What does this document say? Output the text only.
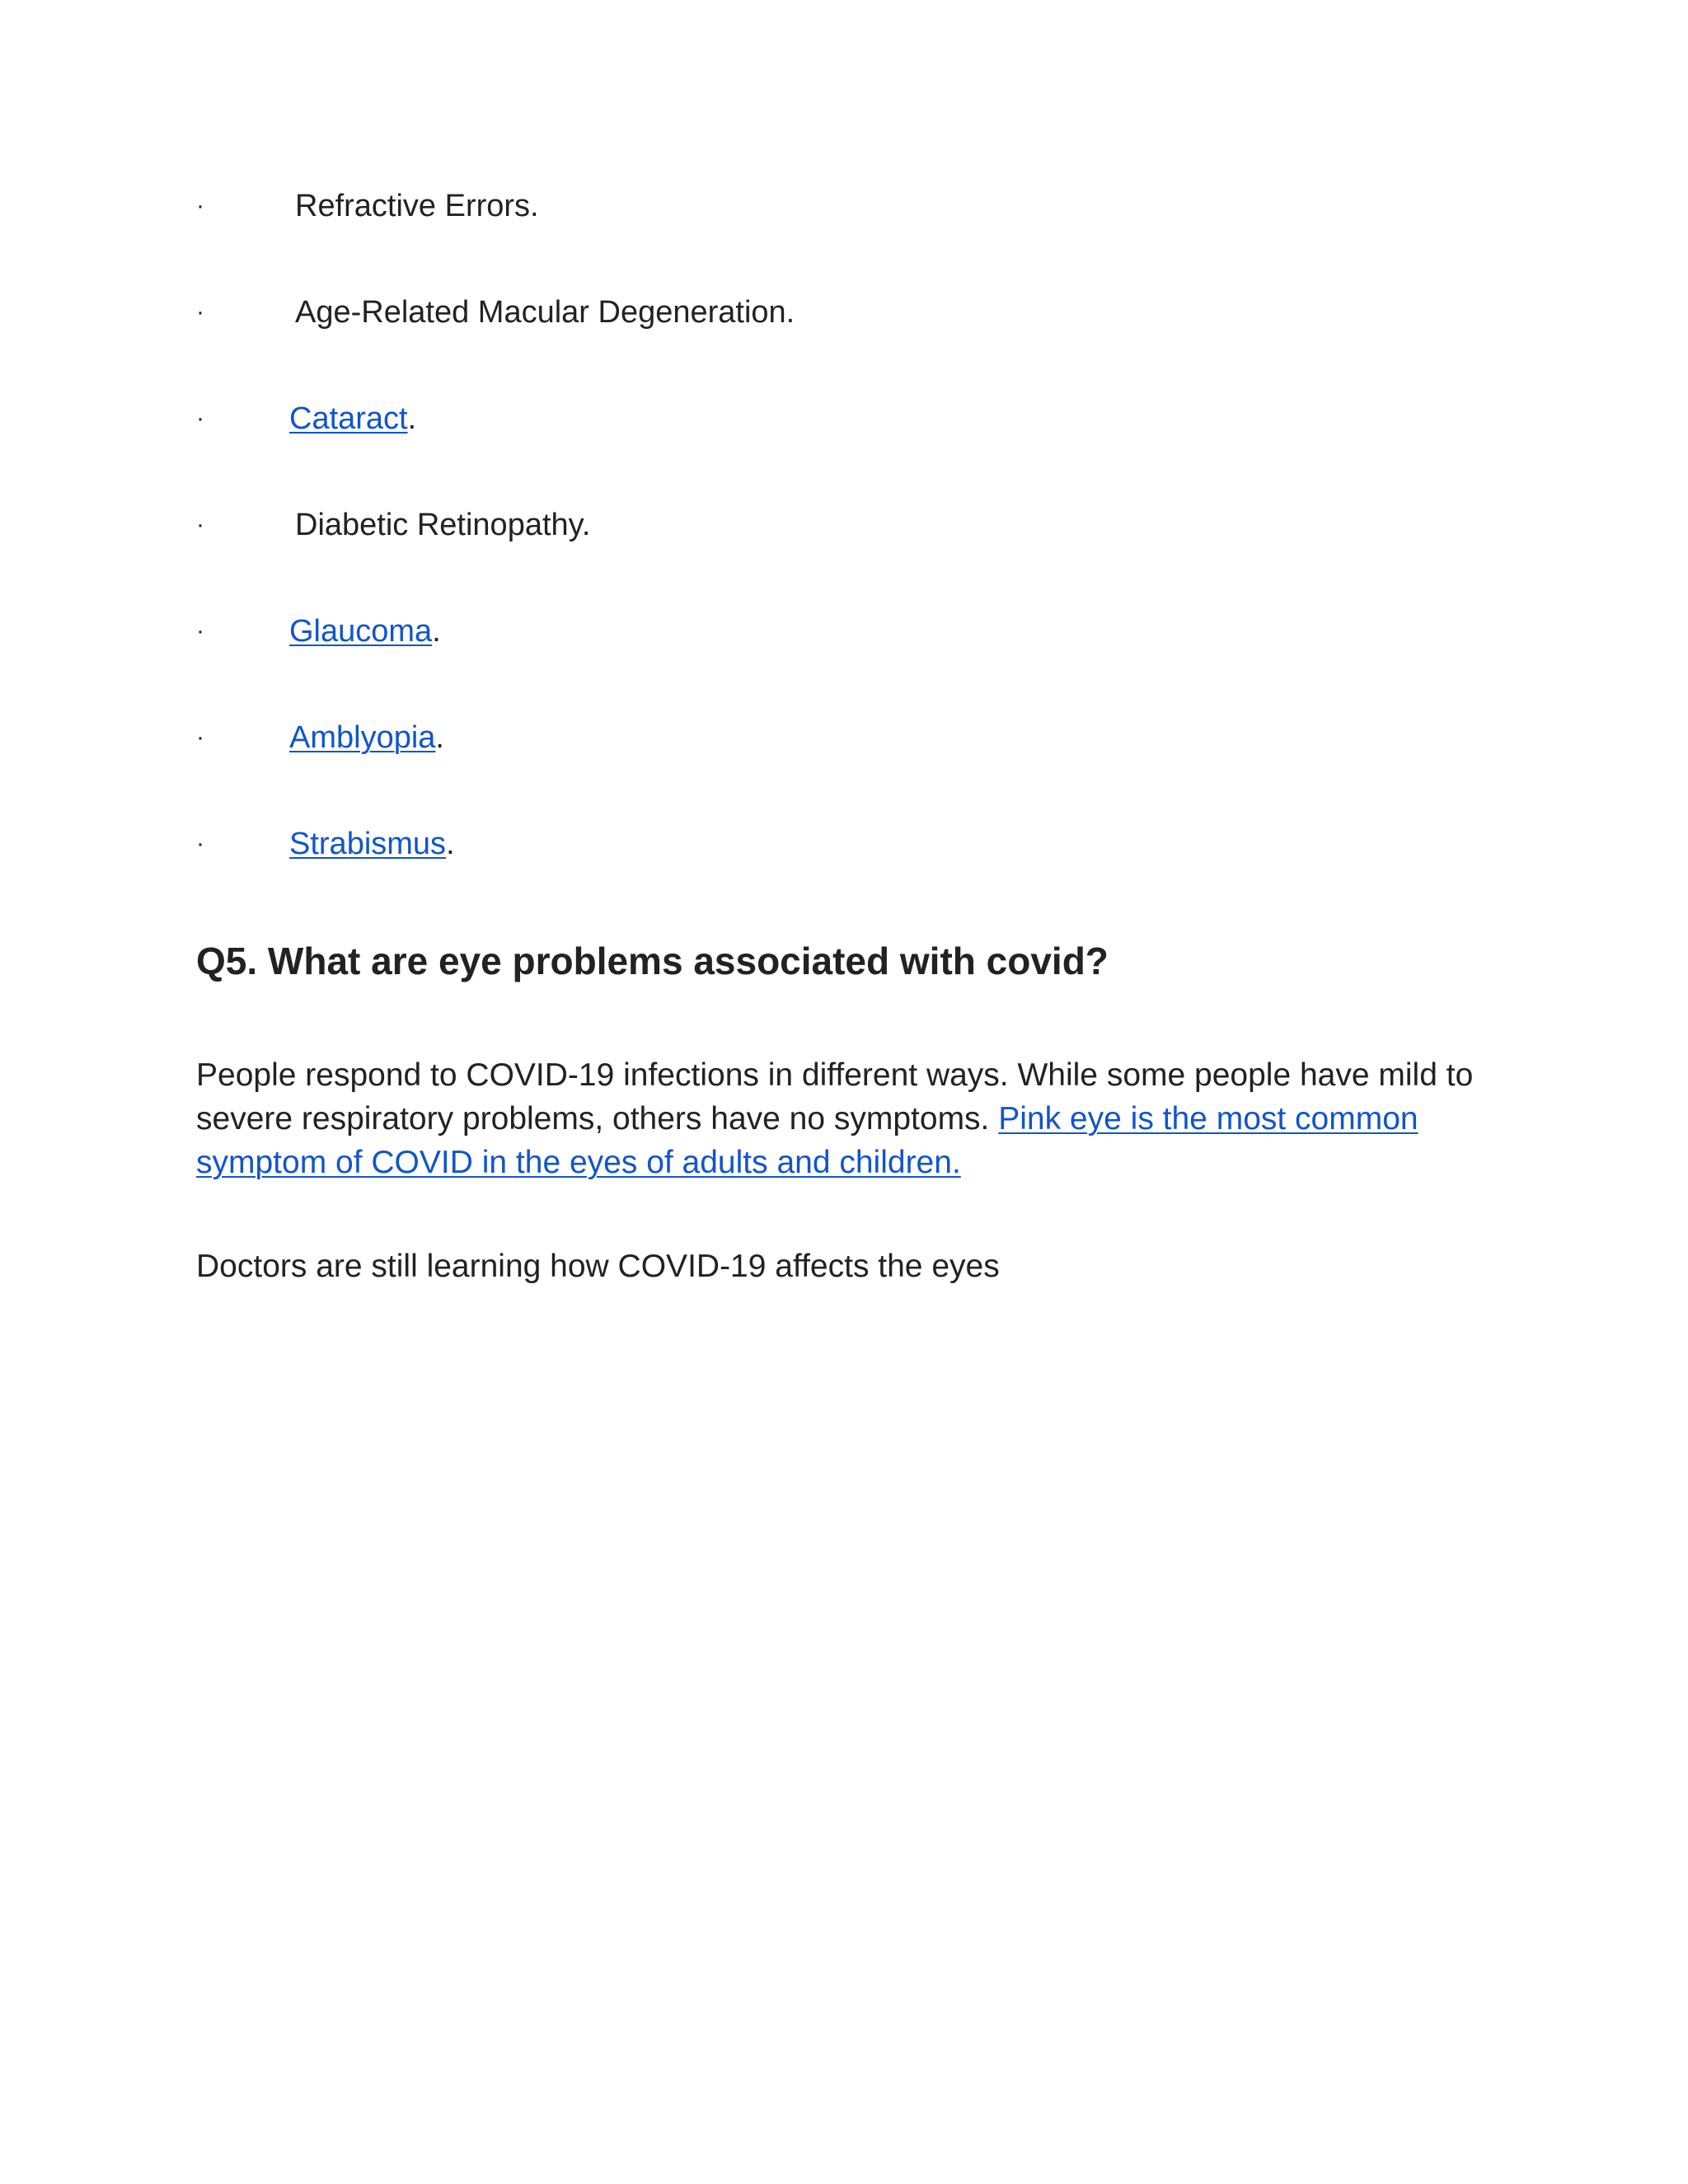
·	Refractive Errors.
·	Age-Related Macular Degeneration.
·	Cataract.
·	Diabetic Retinopathy.
·	Glaucoma.
·	Amblyopia.
·	Strabismus.
Q5. What are eye problems associated with covid?

People respond to COVID-19 infections in different ways. While some people have mild to severe respiratory problems, others have no symptoms. Pink eye is the most common symptom of COVID in the eyes of adults and children.

Doctors are still learning how COVID-19 affects the eyes
